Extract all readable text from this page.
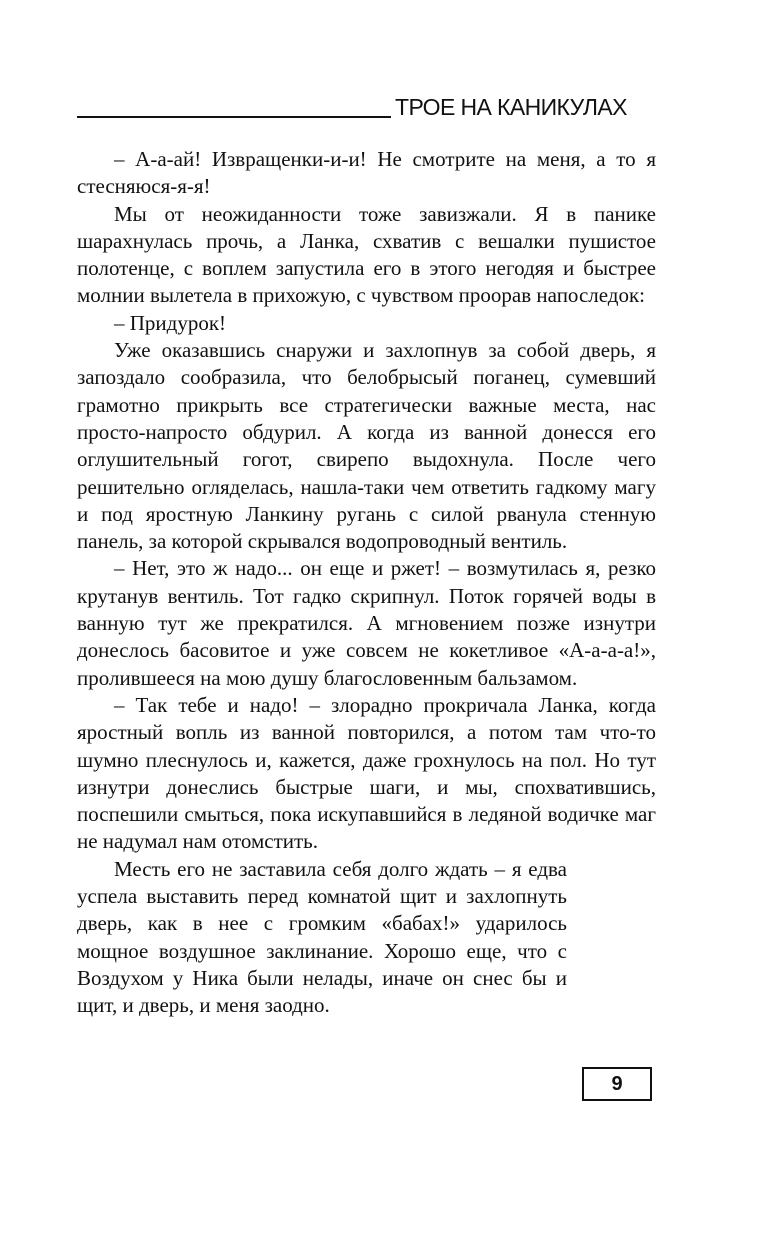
ТРОЕ НА КАНИКУЛАХ

– А-а-ай! Извращенки-и-и! Не смотрите на меня, а то я стесняюся-я-я!

Мы от неожиданности тоже завизжали. Я в панике шарахнулась прочь, а Ланка, схватив с вешалки пушистое полотенце, с воплем запустила его в этого негодяя и быстрее молнии вылетела в прихожую, с чувством проорав напоследок:

– Придурок!

Уже оказавшись снаружи и захлопнув за собой дверь, я запоздало сообразила, что белобрысый поганец, сумевший грамотно прикрыть все стратегически важные места, нас просто-напросто обдурил. А когда из ванной донесся его оглушительный гогот, свирепо выдохнула. После чего решительно огляделась, нашла-таки чем ответить гадкому магу и под яростную Ланкину ругань с силой рванула стенную панель, за которой скрывался водопроводный вентиль.

– Нет, это ж надо... он еще и ржет! – возмутилась я, резко крутанув вентиль. Тот гадко скрипнул. Поток горячей воды в ванную тут же прекратился. А мгновением позже изнутри донеслось басовитое и уже совсем не кокетливое «А-а-а-а!», пролившееся на мою душу благословенным бальзамом.

– Так тебе и надо! – злорадно прокричала Ланка, когда яростный вопль из ванной повторился, а потом там что-то шумно плеснулось и, кажется, даже грохнулось на пол. Но тут изнутри донеслись быстрые шаги, и мы, спохватившись, поспешили смыться, пока искупавшийся в ледяной водичке маг не надумал нам отомстить.

Месть его не заставила себя долго ждать – я едва успела выставить перед комнатой щит и захлопнуть дверь, как в нее с громким «бабах!» ударилось мощное воздушное заклинание. Хорошо еще, что с Воздухом у Ника были нелады, иначе он снес бы и щит, и дверь, и меня заодно.

9
